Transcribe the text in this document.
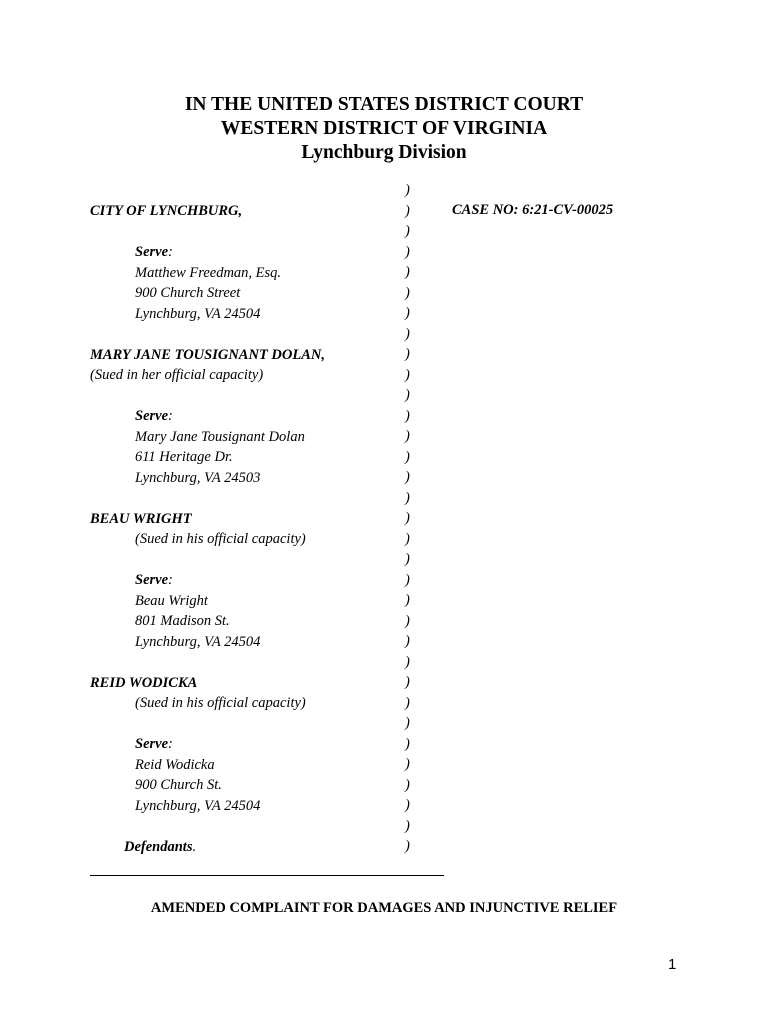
IN THE UNITED STATES DISTRICT COURT
WESTERN DISTRICT OF VIRGINIA
Lynchburg Division
CITY OF LYNCHBURG,
Serve:
Matthew Freedman, Esq.
900 Church Street
Lynchburg, VA 24504
MARY JANE TOUSIGNANT DOLAN,
(Sued in her official capacity)
Serve:
Mary Jane Tousignant Dolan
611 Heritage Dr.
Lynchburg, VA 24503
BEAU WRIGHT
(Sued in his official capacity)
Serve:
Beau Wright
801 Madison St.
Lynchburg, VA 24504
REID WODICKA
(Sued in his official capacity)
Serve:
Reid Wodicka
900 Church St.
Lynchburg, VA 24504
Defendants.
)
)
)
)
)
)
)
)
)
)
)
)
)
)
)
)
)
)
)
)
)
)
)
)
)
)
)
)
)
)
)
)
)
CASE NO: 6:21-CV-00025
AMENDED COMPLAINT FOR DAMAGES AND INJUNCTIVE RELIEF
1
